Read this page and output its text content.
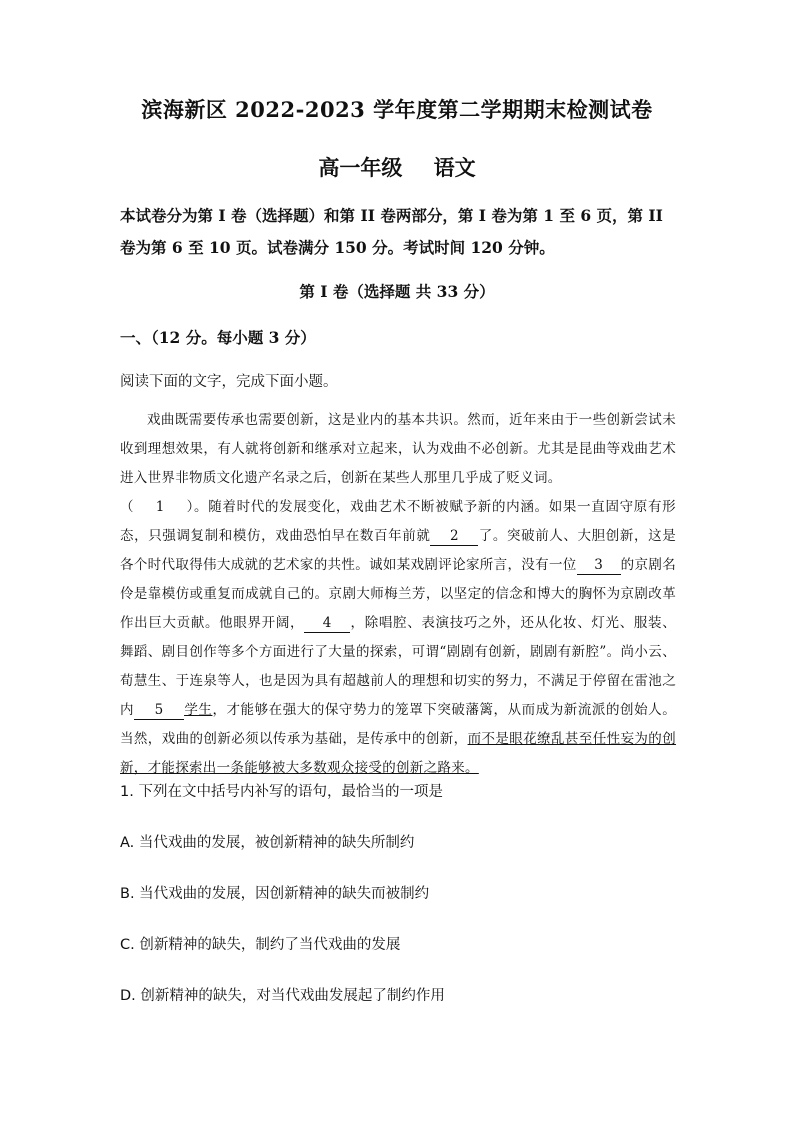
滨海新区 2022-2023 学年度第二学期期末检测试卷
高一年级 语文
本试卷分为第 I 卷（选择题）和第 II 卷两部分，第 I 卷为第 1 至 6 页，第 II 卷为第 6 至 10 页。试卷满分 150 分。考试时间 120 分钟。
第 I 卷（选择题 共 33 分）
一、（12 分。每小题 3 分）
阅读下面的文字，完成下面小题。

戏曲既需要传承也需要创新，这是业内的基本共识。然而，近年来由于一些创新尝试未收到理想效果，有人就将创新和继承对立起来，认为戏曲不必创新。尤其是昆曲等戏曲艺术进入世界非物质文化遗产名录之后，创新在某些人那里几乎成了贬义词。

（ 1 ）。随着时代的发展变化，戏曲艺术不断被赋予新的内涵。如果一直固守原有形态，只强调复制和模仿，戏曲恐怕早在数百年前就 2 了。突破前人、大胆创新，这是各个时代取得伟大成就的艺术家的共性。诚如某戏剧评论家所言，没有一位 3 的京剧名伶是靠模仿或重复而成就自己的。京剧大师梅兰芳，以坚定的信念和博大的胸怀为京剧改革作出巨大贡献。他眼界开阔， 4 ，除唱腔、表演技巧之外，还从化妆、灯光、服装、舞蹈、剧目创作等多个方面进行了大量的探索，可谓“剧剧有创新，剧剧有新腔”。尚小云、荀慧生、于连泉等人，也是因为具有超越前人的理想和切实的努力，不满足于停留在雷池之内 5 学生，才能够在强大的保守势力的笼罩下突破藩篱，从而成为新流派的创始人。当然，戏曲的创新必须以传承为基础，是传承中的创新，而不是眼花缭乱甚至任性妄为的创新，才能探索出一条能够被大多数观众接受的创新之路来。

1. 下列在文中括号内补写的语句，最恰当的一项是
A. 当代戏曲的发展，被创新精神的缺失所制约
B. 当代戏曲的发展，因创新精神的缺失而被制约
C. 创新精神的缺失，制约了当代戏曲的发展
D. 创新精神的缺失，对当代戏曲发展起了制约作用
